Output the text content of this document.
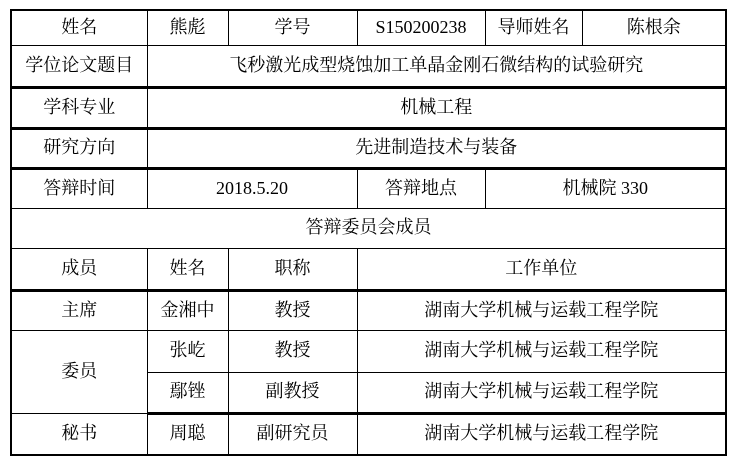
姓名	熊彪	学号	S150200238	导师姓名	陈根余
学位论文题目	飞秒激光成型烧蚀加工单晶金刚石微结构的试验研究				
学科专业	机械工程				
研究方向	先进制造技术与装备				
答辩时间	2018.5.20		答辩地点	机械院 330	
答辩委员会成员					
成员	姓名	职称	工作单位		
主席	金湘中	教授	湖南大学机械与运载工程学院		
委员	张屹	教授	湖南大学机械与运载工程学院		
	鄢锉	副教授	湖南大学机械与运载工程学院		
秘书	周聪	副研究员	湖南大学机械与运载工程学院		
